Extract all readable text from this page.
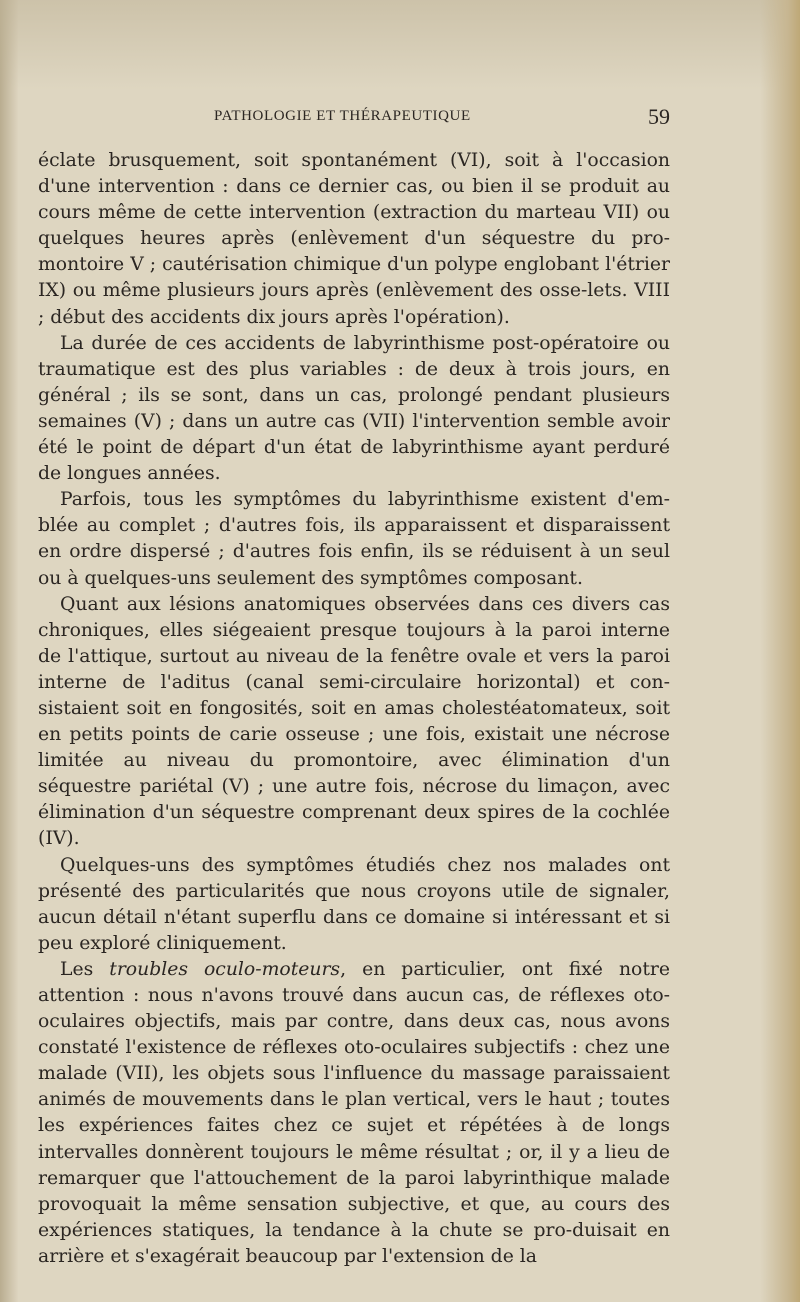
PATHOLOGIE ET THÉRAPEUTIQUE	59

éclate brusquement, soit spontanément (VI), soit à l'occasion d'une intervention : dans ce dernier cas, ou bien il se produit au cours même de cette intervention (extraction du marteau VII) ou quelques heures après (enlèvement d'un séquestre du pro-montoire V ; cautérisation chimique d'un polype englobant l'étrier IX) ou même plusieurs jours après (enlèvement des osse-lets. VIII ; début des accidents dix jours après l'opération).

La durée de ces accidents de labyrinthisme post-opératoire ou traumatique est des plus variables : de deux à trois jours, en général ; ils se sont, dans un cas, prolongé pendant plusieurs semaines (V) ; dans un autre cas (VII) l'intervention semble avoir été le point de départ d'un état de labyrinthisme ayant perduré de longues années.

Parfois, tous les symptômes du labyrinthisme existent d'em-blée au complet ; d'autres fois, ils apparaissent et disparaissent en ordre dispersé ; d'autres fois enfin, ils se réduisent à un seul ou à quelques-uns seulement des symptômes composant.

Quant aux lésions anatomiques observées dans ces divers cas chroniques, elles siégeaient presque toujours à la paroi interne de l'attique, surtout au niveau de la fenêtre ovale et vers la paroi interne de l'aditus (canal semi-circulaire horizontal) et con-sistaient soit en fongosités, soit en amas cholestéatomateux, soit en petits points de carie osseuse ; une fois, existait une nécrose limitée au niveau du promontoire, avec élimination d'un séquestre pariétal (V) ; une autre fois, nécrose du limaçon, avec élimination d'un séquestre comprenant deux spires de la cochlée (IV).

Quelques-uns des symptômes étudiés chez nos malades ont présenté des particularités que nous croyons utile de signaler, aucun détail n'étant superflu dans ce domaine si intéressant et si peu exploré cliniquement.

Les troubles oculo-moteurs, en particulier, ont fixé notre attention : nous n'avons trouvé dans aucun cas, de réflexes oto-oculaires objectifs, mais par contre, dans deux cas, nous avons constaté l'existence de réflexes oto-oculaires subjectifs : chez une malade (VII), les objets sous l'influence du massage paraissaient animés de mouvements dans le plan vertical, vers le haut ; toutes les expériences faites chez ce sujet et répétées à de longs intervalles donnèrent toujours le même résultat ; or, il y a lieu de remarquer que l'attouchement de la paroi labyrinthique malade provoquait la même sensation subjective, et que, au cours des expériences statiques, la tendance à la chute se pro-duisait en arrière et s'exagérait beaucoup par l'extension de la
